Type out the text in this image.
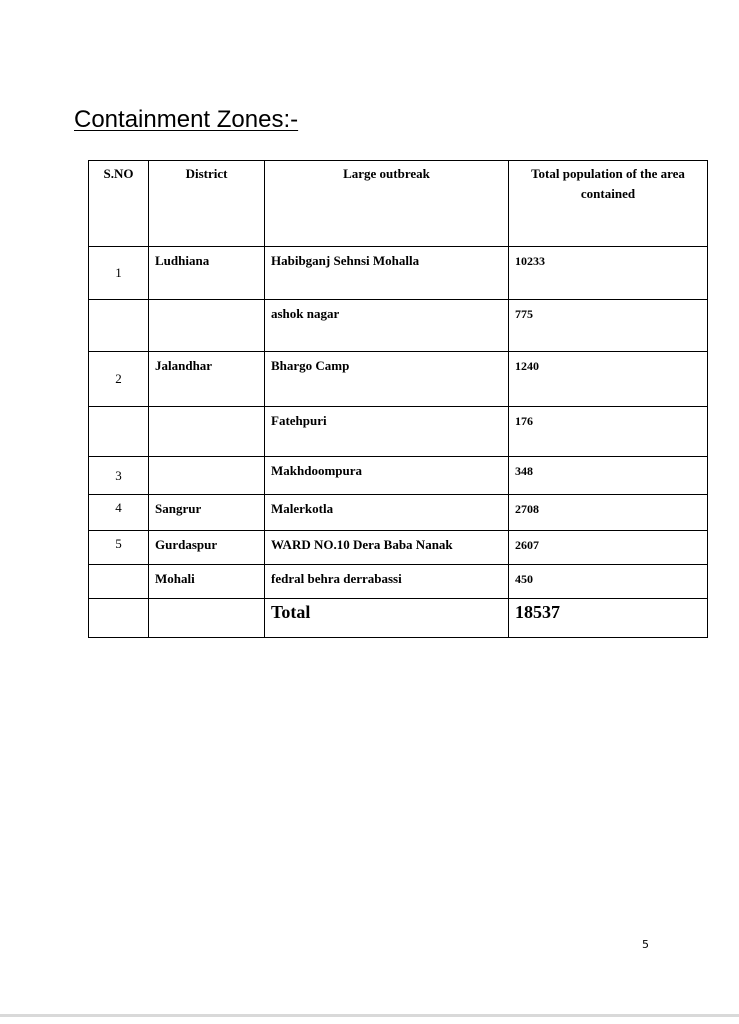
Containment Zones:-
S.NO	District	Large outbreak	Total population of the area contained
1	Ludhiana	Habibganj Sehnsi Mohalla	10233
		ashok nagar	775
2	Jalandhar	Bhargo Camp	1240
		Fatehpuri	176
3		Makhdoompura	348
4	Sangrur	Malerkotla	2708
5	Gurdaspur	WARD NO.10 Dera Baba Nanak	2607
	Mohali	fedral behra derrabassi	450
		Total	18537
5
